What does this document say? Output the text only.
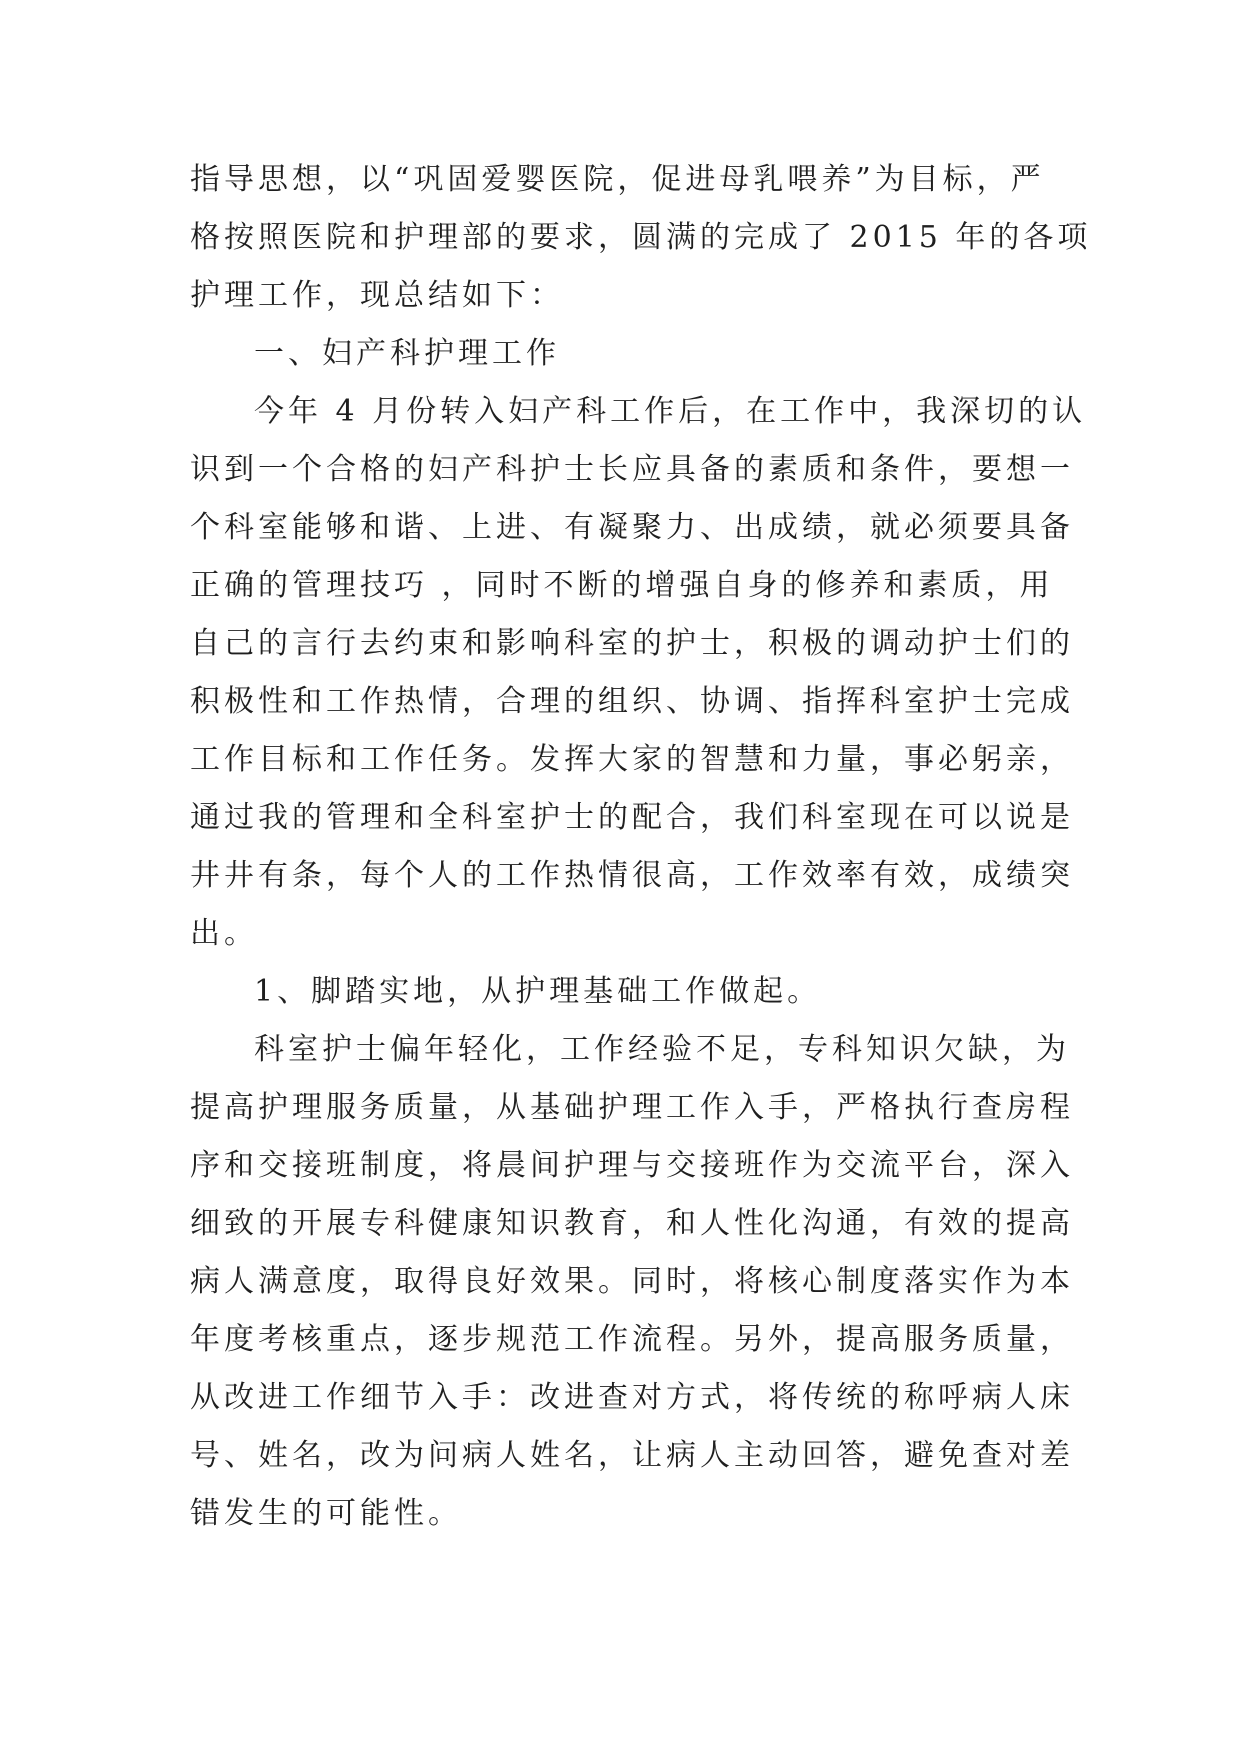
指导思想，以“巩固爱婴医院，促进母乳喂养”为目标，严
格按照医院和护理部的要求，圆满的完成了 2015 年的各项
护理工作，现总结如下：
一、妇产科护理工作
今年 4 月份转入妇产科工作后，在工作中，我深切的认
识到一个合格的妇产科护士长应具备的素质和条件，要想一
个科室能够和谐、上进、有凝聚力、出成绩，就必须要具备
正确的管理技巧 ，同时不断的增强自身的修养和素质，用
自己的言行去约束和影响科室的护士，积极的调动护士们的
积极性和工作热情，合理的组织、协调、指挥科室护士完成
工作目标和工作任务。发挥大家的智慧和力量，事必躬亲，
通过我的管理和全科室护士的配合，我们科室现在可以说是
井井有条，每个人的工作热情很高，工作效率有效，成绩突
出。
1、脚踏实地，从护理基础工作做起。
科室护士偏年轻化，工作经验不足，专科知识欠缺，为
提高护理服务质量，从基础护理工作入手，严格执行查房程
序和交接班制度，将晨间护理与交接班作为交流平台，深入
细致的开展专科健康知识教育，和人性化沟通，有效的提高
病人满意度，取得良好效果。同时，将核心制度落实作为本
年度考核重点，逐步规范工作流程。另外，提高服务质量，
从改进工作细节入手：改进查对方式，将传统的称呼病人床
号、姓名，改为问病人姓名，让病人主动回答，避免查对差
错发生的可能性。
